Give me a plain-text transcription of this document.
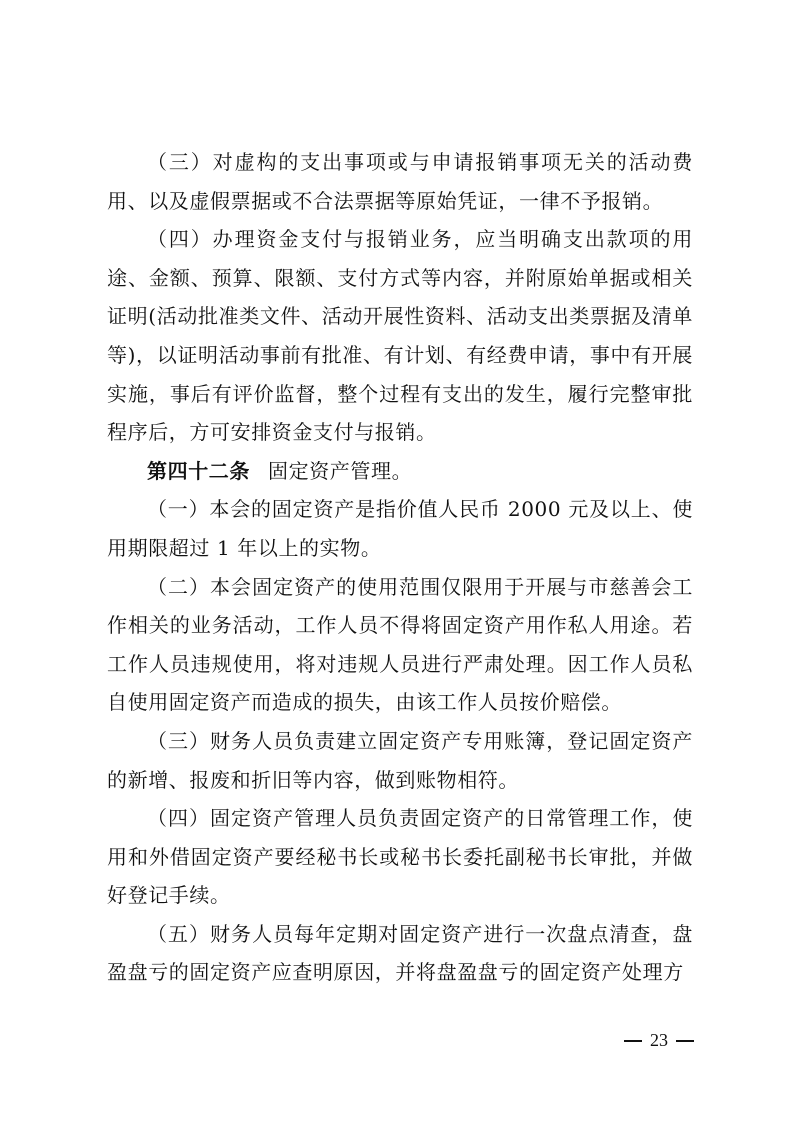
（三）对虚构的支出事项或与申请报销事项无关的活动费用、以及虚假票据或不合法票据等原始凭证，一律不予报销。

（四）办理资金支付与报销业务，应当明确支出款项的用途、金额、预算、限额、支付方式等内容，并附原始单据或相关证明(活动批准类文件、活动开展性资料、活动支出类票据及清单等)，以证明活动事前有批准、有计划、有经费申请，事中有开展实施，事后有评价监督，整个过程有支出的发生，履行完整审批程序后，方可安排资金支付与报销。

第四十二条 固定资产管理。

（一）本会的固定资产是指价值人民币 2000 元及以上、使用期限超过 1 年以上的实物。

（二）本会固定资产的使用范围仅限用于开展与市慈善会工作相关的业务活动，工作人员不得将固定资产用作私人用途。若工作人员违规使用，将对违规人员进行严肃处理。因工作人员私自使用固定资产而造成的损失，由该工作人员按价赔偿。

（三）财务人员负责建立固定资产专用账簿，登记固定资产的新增、报废和折旧等内容，做到账物相符。

（四）固定资产管理人员负责固定资产的日常管理工作，使用和外借固定资产要经秘书长或秘书长委托副秘书长审批，并做好登记手续。

（五）财务人员每年定期对固定资产进行一次盘点清查，盘盈盘亏的固定资产应查明原因，并将盘盈盘亏的固定资产处理方

23
